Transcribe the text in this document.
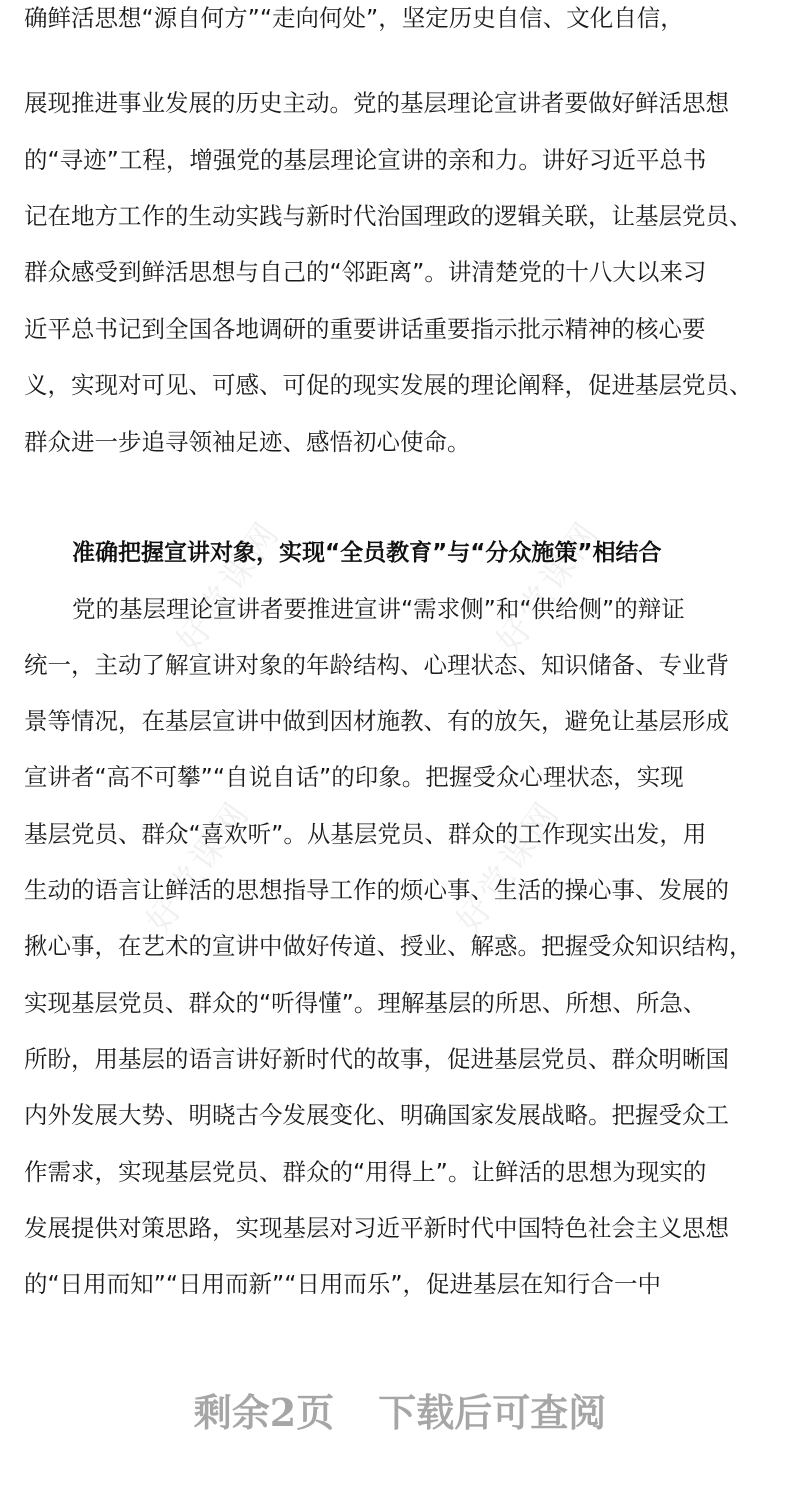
好党课网	好党课网
好党课网	好党课网
确鲜活思想“源自何方”“走向何处”，坚定历史自信、文化自信，
展现推进事业发展的历史主动。党的基层理论宣讲者要做好鲜活思想
的“寻迹”工程，增强党的基层理论宣讲的亲和力。讲好习近平总书
记在地方工作的生动实践与新时代治国理政的逻辑关联，让基层党员、
群众感受到鲜活思想与自己的“邻距离”。讲清楚党的十八大以来习
近平总书记到全国各地调研的重要讲话重要指示批示精神的核心要
义，实现对可见、可感、可促的现实发展的理论阐释，促进基层党员、
群众进一步追寻领袖足迹、感悟初心使命。
准确把握宣讲对象，实现“全员教育”与“分众施策”相结合
党的基层理论宣讲者要推进宣讲“需求侧”和“供给侧”的辩证
统一，主动了解宣讲对象的年龄结构、心理状态、知识储备、专业背
景等情况，在基层宣讲中做到因材施教、有的放矢，避免让基层形成
宣讲者“高不可攀”“自说自话”的印象。把握受众心理状态，实现
基层党员、群众“喜欢听”。从基层党员、群众的工作现实出发，用
生动的语言让鲜活的思想指导工作的烦心事、生活的操心事、发展的
揪心事，在艺术的宣讲中做好传道、授业、解惑。把握受众知识结构，
实现基层党员、群众的“听得懂”。理解基层的所思、所想、所急、
所盼，用基层的语言讲好新时代的故事，促进基层党员、群众明晰国
内外发展大势、明晓古今发展变化、明确国家发展战略。把握受众工
作需求，实现基层党员、群众的“用得上”。让鲜活的思想为现实的
发展提供对策思路，实现基层对习近平新时代中国特色社会主义思想
的“日用而知”“日用而新”“日用而乐”，促进基层在知行合一中
剩余2页 下载后可查阅
